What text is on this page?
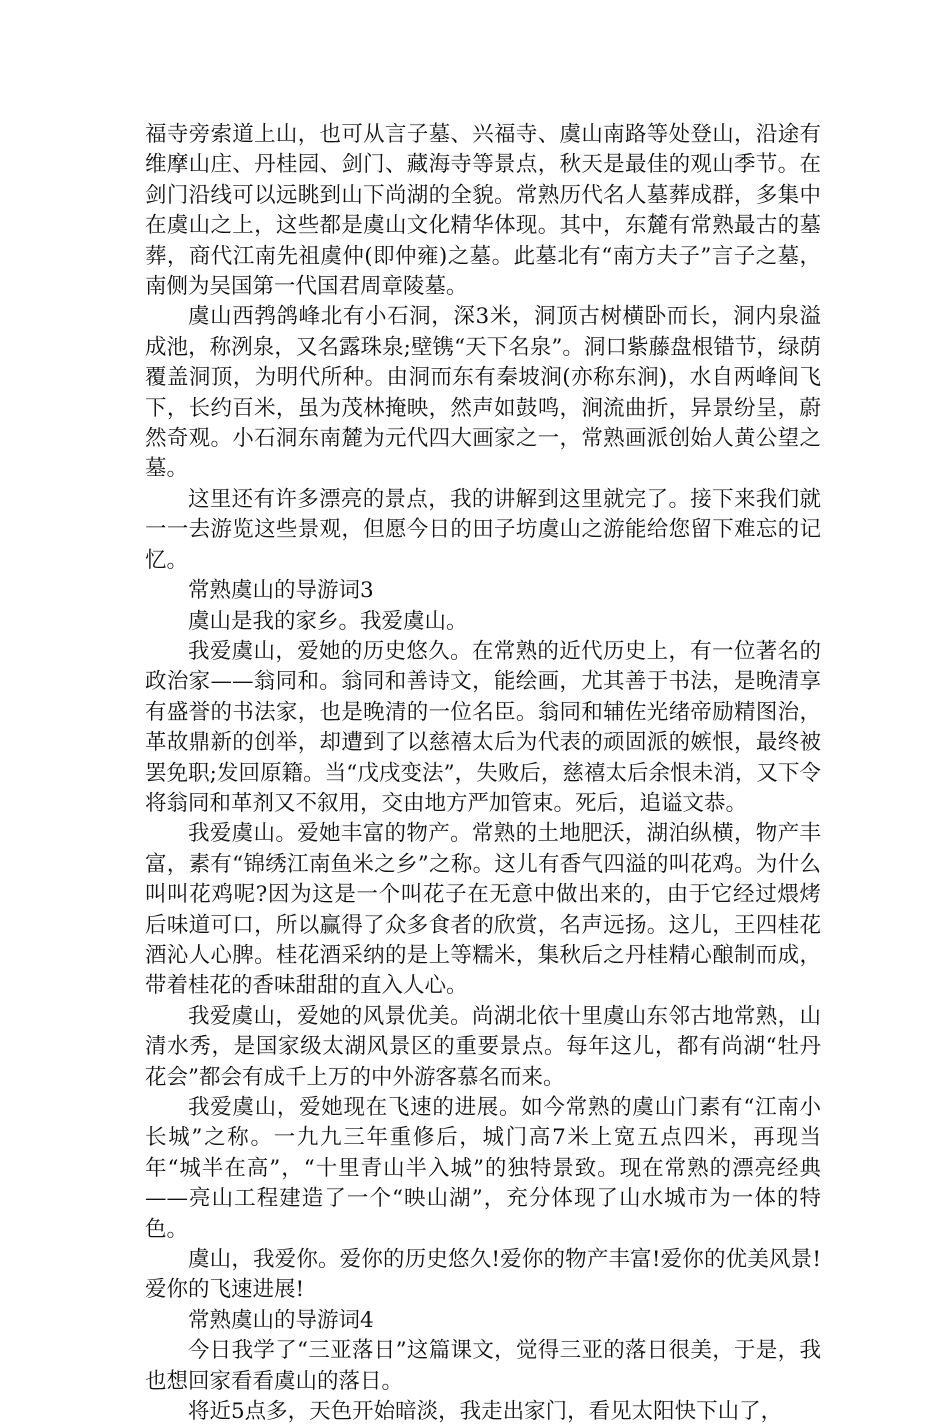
福寺旁索道上山，也可从言子墓、兴福寺、虞山南路等处登山，沿途有维摩山庄、丹桂园、剑门、藏海寺等景点，秋天是最佳的观山季节。在剑门沿线可以远眺到山下尚湖的全貌。常熟历代名人墓葬成群，多集中在虞山之上，这些都是虞山文化精华体现。其中，东麓有常熟最古的墓葬，商代江南先祖虞仲(即仲雍)之墓。此墓北有“南方夫子”言子之墓，南侧为吴国第一代国君周章陵墓。

虞山西鹁鸽峰北有小石洞，深3米，洞顶古树横卧而长，洞内泉溢成池，称洌泉，又名露珠泉;壁镌“天下名泉”。洞口紫藤盘根错节，绿荫覆盖洞顶，为明代所种。由洞而东有秦坡涧(亦称东涧)，水自两峰间飞下，长约百米，虽为茂林掩映，然声如鼓鸣，涧流曲折，异景纷呈，蔚然奇观。小石洞东南麓为元代四大画家之一，常熟画派创始人黄公望之墓。

这里还有许多漂亮的景点，我的讲解到这里就完了。接下来我们就一一去游览这些景观，但愿今日的田子坊虞山之游能给您留下难忘的记忆。

常熟虞山的导游词3

虞山是我的家乡。我爱虞山。

我爱虞山，爱她的历史悠久。在常熟的近代历史上，有一位著名的政治家——翁同和。翁同和善诗文，能绘画，尤其善于书法，是晚清享有盛誉的书法家，也是晚清的一位名臣。翁同和辅佐光绪帝励精图治，革故鼎新的创举，却遭到了以慈禧太后为代表的顽固派的嫉恨，最终被罢免职;发回原籍。当“戊戌变法”，失败后，慈禧太后余恨未消，又下令将翁同和革剂又不叙用，交由地方严加管束。死后，追谥文恭。

我爱虞山。爱她丰富的物产。常熟的土地肥沃，湖泊纵横，物产丰富，素有“锦绣江南鱼米之乡”之称。这儿有香气四溢的叫花鸡。为什么叫叫花鸡呢?因为这是一个叫花子在无意中做出来的，由于它经过煨烤后味道可口，所以赢得了众多食者的欣赏，名声远扬。这儿，王四桂花酒沁人心脾。桂花酒采纳的是上等糯米，集秋后之丹桂精心酿制而成，带着桂花的香味甜甜的直入人心。

我爱虞山，爱她的风景优美。尚湖北依十里虞山东邻古地常熟，山清水秀，是国家级太湖风景区的重要景点。每年这儿，都有尚湖“牡丹花会”都会有成千上万的中外游客慕名而来。

我爱虞山，爱她现在飞速的进展。如今常熟的虞山门素有“江南小长城”之称。一九九三年重修后，城门高7米上宽五点四米，再现当年“城半在高”，“十里青山半入城”的独特景致。现在常熟的漂亮经典——亮山工程建造了一个“映山湖”，充分体现了山水城市为一体的特色。

虞山，我爱你。爱你的历史悠久!爱你的物产丰富!爱你的优美风景!爱你的飞速进展!

常熟虞山的导游词4

今日我学了“三亚落日”这篇课文，觉得三亚的落日很美，于是，我也想回家看看虞山的落日。

将近5点多，天色开始暗淡，我走出家门，看见太阳快下山了，
